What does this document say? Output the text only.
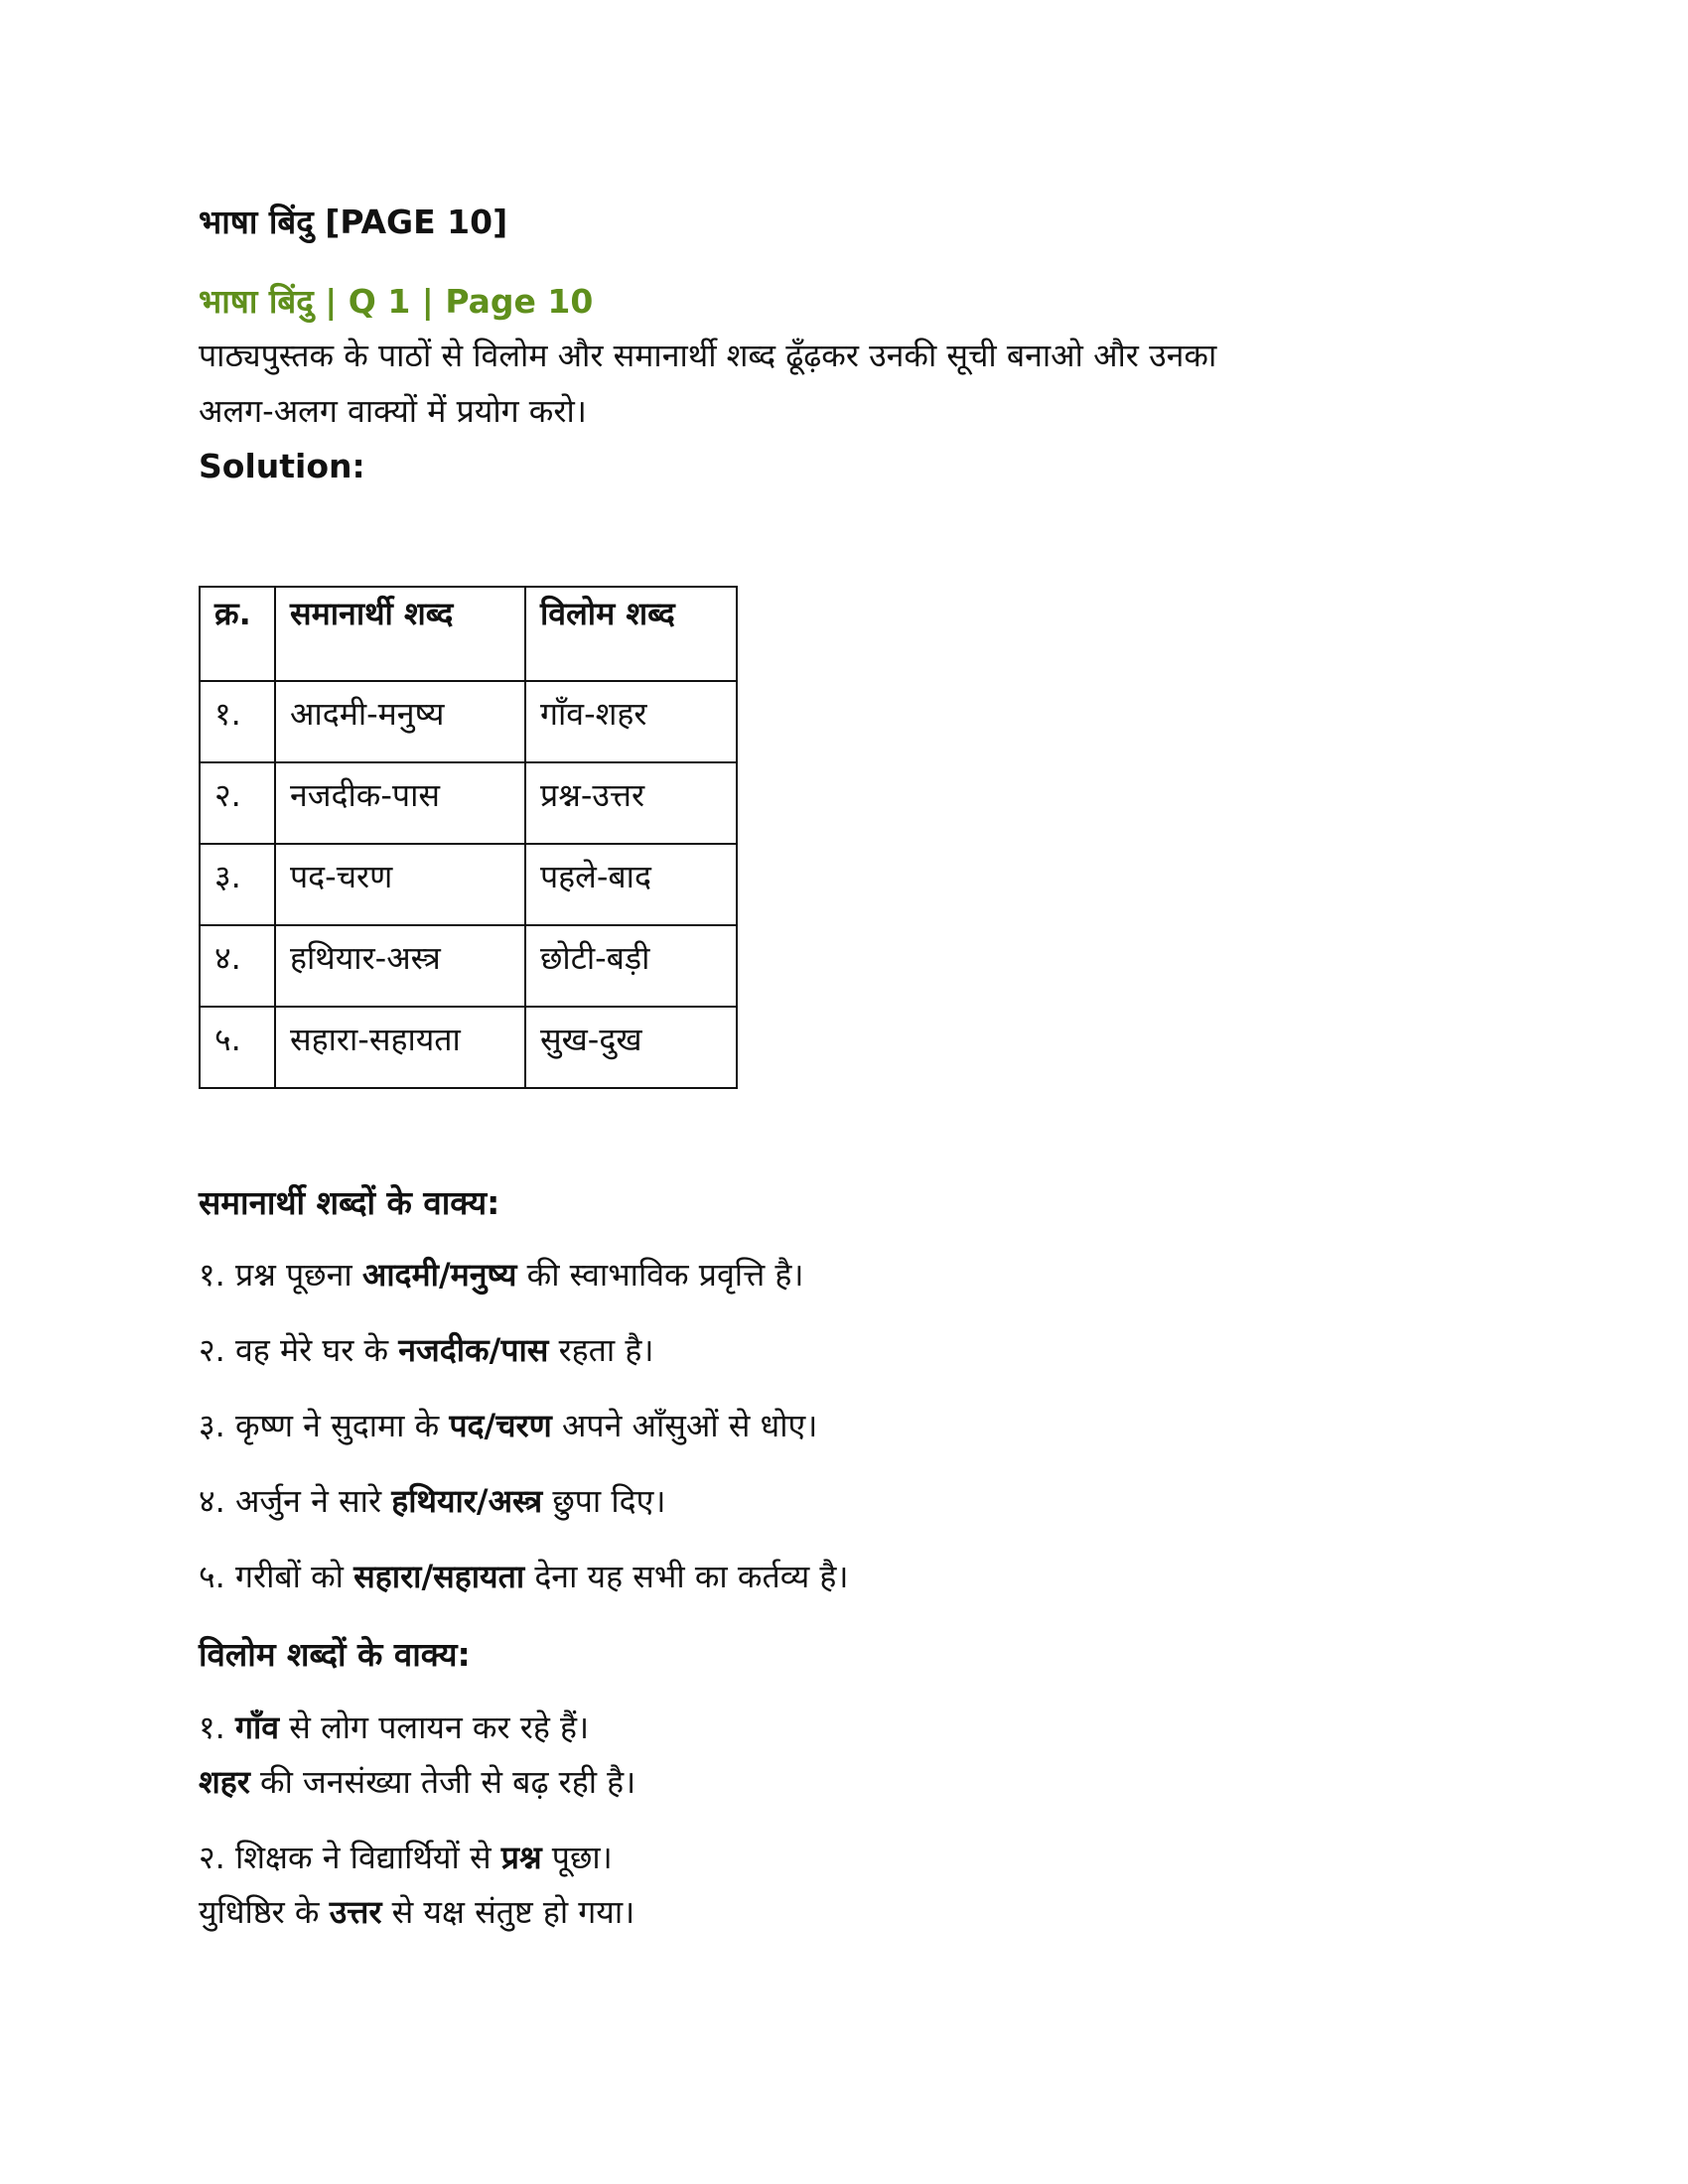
भाषा बिंदु [PAGE 10]
भाषा बिंदु | Q 1 | Page 10
पाठ्यपुस्तक के पाठों से विलोम और समानार्थी शब्द ढूँढ़कर उनकी सूची बनाओ और उनका
अलग-अलग वाक्यों में प्रयोग करो।
Solution:
क्र.	समानार्थी शब्द	विलोम शब्द
१.	आदमी-मनुष्य	गाँव-शहर
२.	नजदीक-पास	प्रश्न-उत्तर
३.	पद-चरण	पहले-बाद
४.	हथियार-अस्त्र	छोटी-बड़ी
५.	सहारा-सहायता	सुख-दुख
समानार्थी शब्दों के वाक्य:
१. प्रश्न पूछना आदमी/मनुष्य की स्वाभाविक प्रवृत्ति है।
२. वह मेरे घर के नजदीक/पास रहता है।
३. कृष्ण ने सुदामा के पद/चरण अपने आँसुओं से धोए।
४. अर्जुन ने सारे हथियार/अस्त्र छुपा दिए।
५. गरीबों को सहारा/सहायता देना यह सभी का कर्तव्य है।
विलोम शब्दों के वाक्य:
१. गाँव से लोग पलायन कर रहे हैं।
शहर की जनसंख्या तेजी से बढ़ रही है।
२. शिक्षक ने विद्यार्थियों से प्रश्न पूछा।
युधिष्ठिर के उत्तर से यक्ष संतुष्ट हो गया।
